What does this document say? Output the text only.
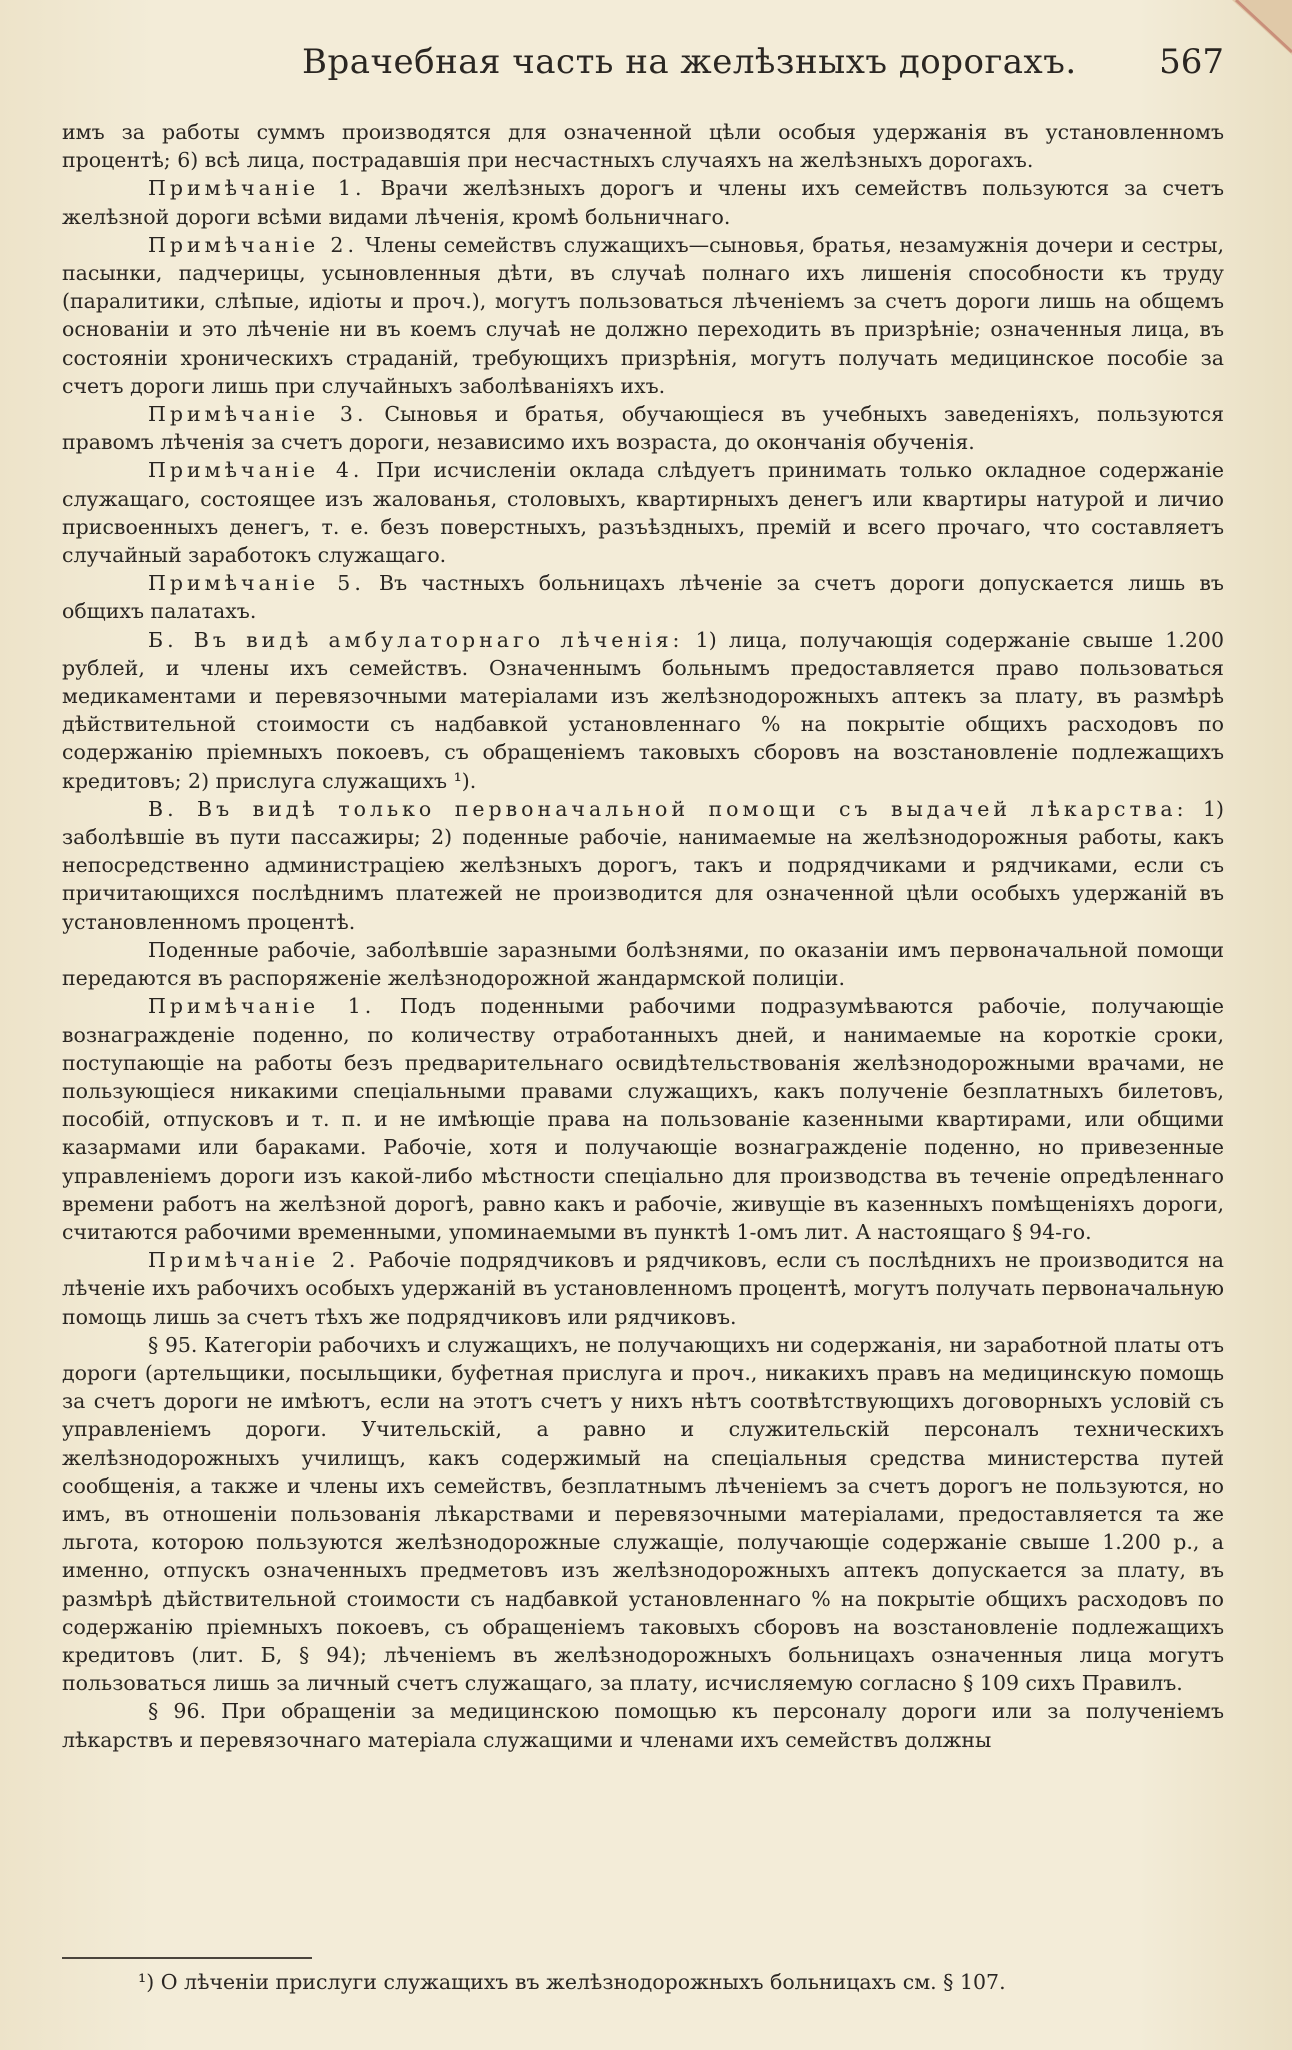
Врачебная часть на желѣзныхъ дорогахъ. 567

имъ за работы суммъ производятся для означенной цѣли особыя удержанія въ установленномъ процентѣ; 6) всѣ лица, пострадавшія при несчастныхъ случаяхъ на желѣзныхъ дорогахъ.

Примѣчаніе 1. Врачи желѣзныхъ дорогъ и члены ихъ семействъ пользуются за счетъ желѣзной дороги всѣми видами лѣченія, кромѣ больничнаго.

Примѣчаніе 2. Члены семействъ служащихъ—сыновья, братья, незамужнія дочери и сестры, пасынки, падчерицы, усыновленныя дѣти, въ случаѣ полнаго ихъ лишенія способности къ труду (паралитики, слѣпые, идіоты и проч.), могутъ пользоваться лѣченіемъ за счетъ дороги лишь на общемъ основаніи и это лѣченіе ни въ коемъ случаѣ не должно переходить въ призрѣніе; означенныя лица, въ состояніи хроническихъ страданій, требующихъ призрѣнія, могутъ получать медицинское пособіе за счетъ дороги лишь при случайныхъ заболѣваніяхъ ихъ.

Примѣчаніе 3. Сыновья и братья, обучающіеся въ учебныхъ заведеніяхъ, пользуются правомъ лѣченія за счетъ дороги, независимо ихъ возраста, до окончанія обученія.

Примѣчаніе 4. При исчисленіи оклада слѣдуетъ принимать только окладное содержаніе служащаго, состоящее изъ жалованья, столовыхъ, квартирныхъ денегъ или квартиры натурой и личио присвоенныхъ денегъ, т. е. безъ поверстныхъ, разъѣздныхъ, премій и всего прочаго, что составляетъ случайный заработокъ служащаго.

Примѣчаніе 5. Въ частныхъ больницахъ лѣченіе за счетъ дороги допускается лишь въ общихъ палатахъ.

Б. Въ видѣ амбулаторнаго лѣченія: 1) лица, получающія содержаніе свыше 1.200 рублей, и члены ихъ семействъ. Означеннымъ больнымъ предоставляется право пользоваться медикаментами и перевязочными матеріалами изъ желѣзнодорожныхъ аптекъ за плату, въ размѣрѣ дѣйствительной стоимости съ надбавкой установленнаго % на покрытіе общихъ расходовъ по содержанію пріемныхъ покоевъ, съ обращеніемъ таковыхъ сборовъ на возстановленіе подлежащихъ кредитовъ; 2) прислуга служащихъ ¹).

В. Въ видѣ только первоначальной помощи съ выдачей лѣкарства: 1) заболѣвшіе въ пути пассажиры; 2) поденные рабочіе, нанимаемые на желѣзнодорожныя работы, какъ непосредственно администраціею желѣзныхъ дорогъ, такъ и подрядчиками и рядчиками, если съ причитающихся послѣднимъ платежей не производится для означенной цѣли особыхъ удержаній въ установленномъ процентѣ.

Поденные рабочіе, заболѣвшіе заразными болѣзнями, по оказаніи имъ первоначальной помощи передаются въ распоряженіе желѣзнодорожной жандармской полиціи.

Примѣчаніе 1. Подъ поденными рабочими подразумѣваются рабочіе, получающіе вознагражденіе поденно, по количеству отработанныхъ дней, и нанимаемые на короткіе сроки, поступающіе на работы безъ предварительнаго освидѣтельствованія желѣзнодорожными врачами, не пользующіеся никакими спеціальными правами служащихъ, какъ полученіе безплатныхъ билетовъ, пособій, отпусковъ и т. п. и не имѣющіе права на пользованіе казенными квартирами, или общими казармами или бараками. Рабочіе, хотя и получающіе вознагражденіе поденно, но привезенные управленіемъ дороги изъ какой-либо мѣстности спеціально для производства въ теченіе опредѣленнаго времени работъ на желѣзной дорогѣ, равно какъ и рабочіе, живущіе въ казенныхъ помѣщеніяхъ дороги, считаются рабочими временными, упоминаемыми въ пунктѣ 1-омъ лит. А настоящаго § 94-го.

Примѣчаніе 2. Рабочіе подрядчиковъ и рядчиковъ, если съ послѣднихъ не производится на лѣченіе ихъ рабочихъ особыхъ удержаній въ установленномъ процентѣ, могутъ получать первоначальную помощь лишь за счетъ тѣхъ же подрядчиковъ или рядчиковъ.

§ 95. Категоріи рабочихъ и служащихъ, не получающихъ ни содержанія, ни заработной платы отъ дороги (артельщики, посыльщики, буфетная прислуга и проч., никакихъ правъ на медицинскую помощь за счетъ дороги не имѣютъ, если на этотъ счетъ у нихъ нѣтъ соотвѣтствующихъ договорныхъ условій съ управленіемъ дороги. Учительскій, а равно и служительскій персоналъ техническихъ желѣзнодорожныхъ училищъ, какъ содержимый на спеціальныя средства министерства путей сообщенія, а также и члены ихъ семействъ, безплатнымъ лѣченіемъ за счетъ дорогъ не пользуются, но имъ, въ отношеніи пользованія лѣкарствами и перевязочными матеріалами, предоставляется та же льгота, которою пользуются желѣзнодорожные служащіе, получающіе содержаніе свыше 1.200 р., а именно, отпускъ означенныхъ предметовъ изъ желѣзнодорожныхъ аптекъ допускается за плату, въ размѣрѣ дѣйствительной стоимости съ надбавкой установленнаго % на покрытіе общихъ расходовъ по содержанію пріемныхъ покоевъ, съ обращеніемъ таковыхъ сборовъ на возстановленіе подлежащихъ кредитовъ (лит. Б, § 94); лѣченіемъ въ желѣзнодорожныхъ больницахъ означенныя лица могутъ пользоваться лишь за личный счетъ служащаго, за плату, исчисляемую согласно § 109 сихъ Правилъ.

§ 96. При обращеніи за медицинскою помощью къ персоналу дороги или за полученіемъ лѣкарствъ и перевязочнаго матеріала служащими и членами ихъ семействъ должны

¹) О лѣченіи прислуги служащихъ въ желѣзнодорожныхъ больницахъ см. § 107.
